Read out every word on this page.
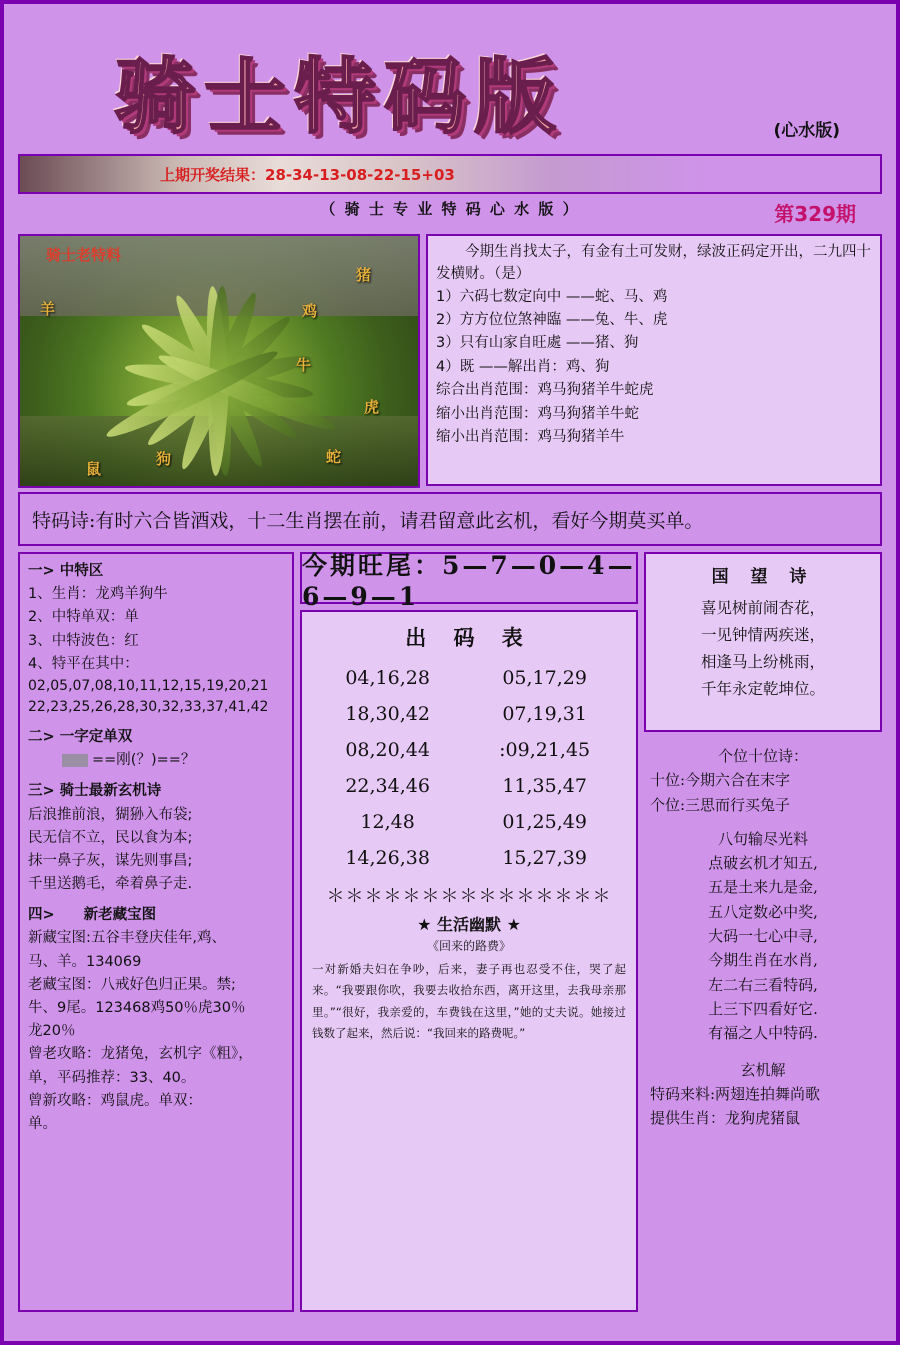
骑士特码版	(心水版)
上期开奖结果：28-34-13-08-22-15+03
（ 骑 士 专 业 特 码 心 水 版 ）	第329期
骑士老特料
羊
猪
鸡
牛
虎
蛇
狗
鼠
今期生肖找太子，有金有土可发财，绿波正码定开出，二九四十发横财。（是）
1）六码七数定向中 ——蛇、马、鸡
2）方方位位煞神臨 ——兔、牛、虎
3）只有山家自旺處 ——猪、狗
4）既 ——解出肖：鸡、狗
综合出肖范围：鸡马狗猪羊牛蛇虎
缩小出肖范围：鸡马狗猪羊牛蛇
缩小出肖范围：鸡马狗猪羊牛
特码诗:有时六合皆酒戏，十二生肖摆在前，请君留意此玄机，看好今期莫买单。
一> 中特区
1、生肖：龙鸡羊狗牛
2、中特单双：单
3、中特波色：红
4、特平在其中：
02,05,07,08,10,11,12,15,19,20,21
22,23,25,26,28,30,32,33,37,41,42
二> 一字定单双
==刚(？)==？
三> 骑士最新玄机诗
后浪推前浪，猢狲入布袋;
民无信不立，民以食为本;
抹一鼻子灰，谋先则事昌;
千里送鹅毛，牵着鼻子走.
四>　　新老藏宝图
新藏宝图:五谷丰登庆佳年,鸡、
马、羊。134069
老藏宝图：八戒好色归正果。禁;
牛、9尾。123468鸡50％虎30％
龙20％
曾老攻略：龙猪兔，玄机字《粗》，
单，平码推荐：33、40。
曾新攻略：鸡鼠虎。单双：
单。
今期旺尾：5—7—0—4—6—9—1
出 码 表
04,16,28	05,17,29
18,30,42	07,19,31
08,20,44	:09,21,45
22,34,46	11,35,47
12,48	01,25,49
14,26,38	15,27,39
＊＊＊＊＊＊＊＊＊＊＊＊＊＊＊
★ 生活幽默 ★
《回来的路费》
一对新婚夫妇在争吵，后来，妻子再也忍受不住，哭了起来。“我要跟你吹，我要去收拾东西，离开这里，去我母亲那里。”“很好，我亲爱的，车费钱在这里，”她的丈夫说。她接过钱数了起来，然后说：“我回来的路费呢。”
国 望 诗

喜见树前闹杏花，

一见钟情两疾迷，

相逢马上纷桃雨，

千年永定乾坤位。

个位十位诗：
十位:今期六合在末字
个位:三思而行买兔子
八句输尽光料
点破玄机才知五,
五是土来九是金,
五八定数必中奖,
大码一七心中寻,
今期生肖在水肖,
左二右三看特码,
上三下四看好它.
有福之人中特码.
玄机解
特码来料:两翅连拍舞尚歌
提供生肖：龙狗虎猪鼠
